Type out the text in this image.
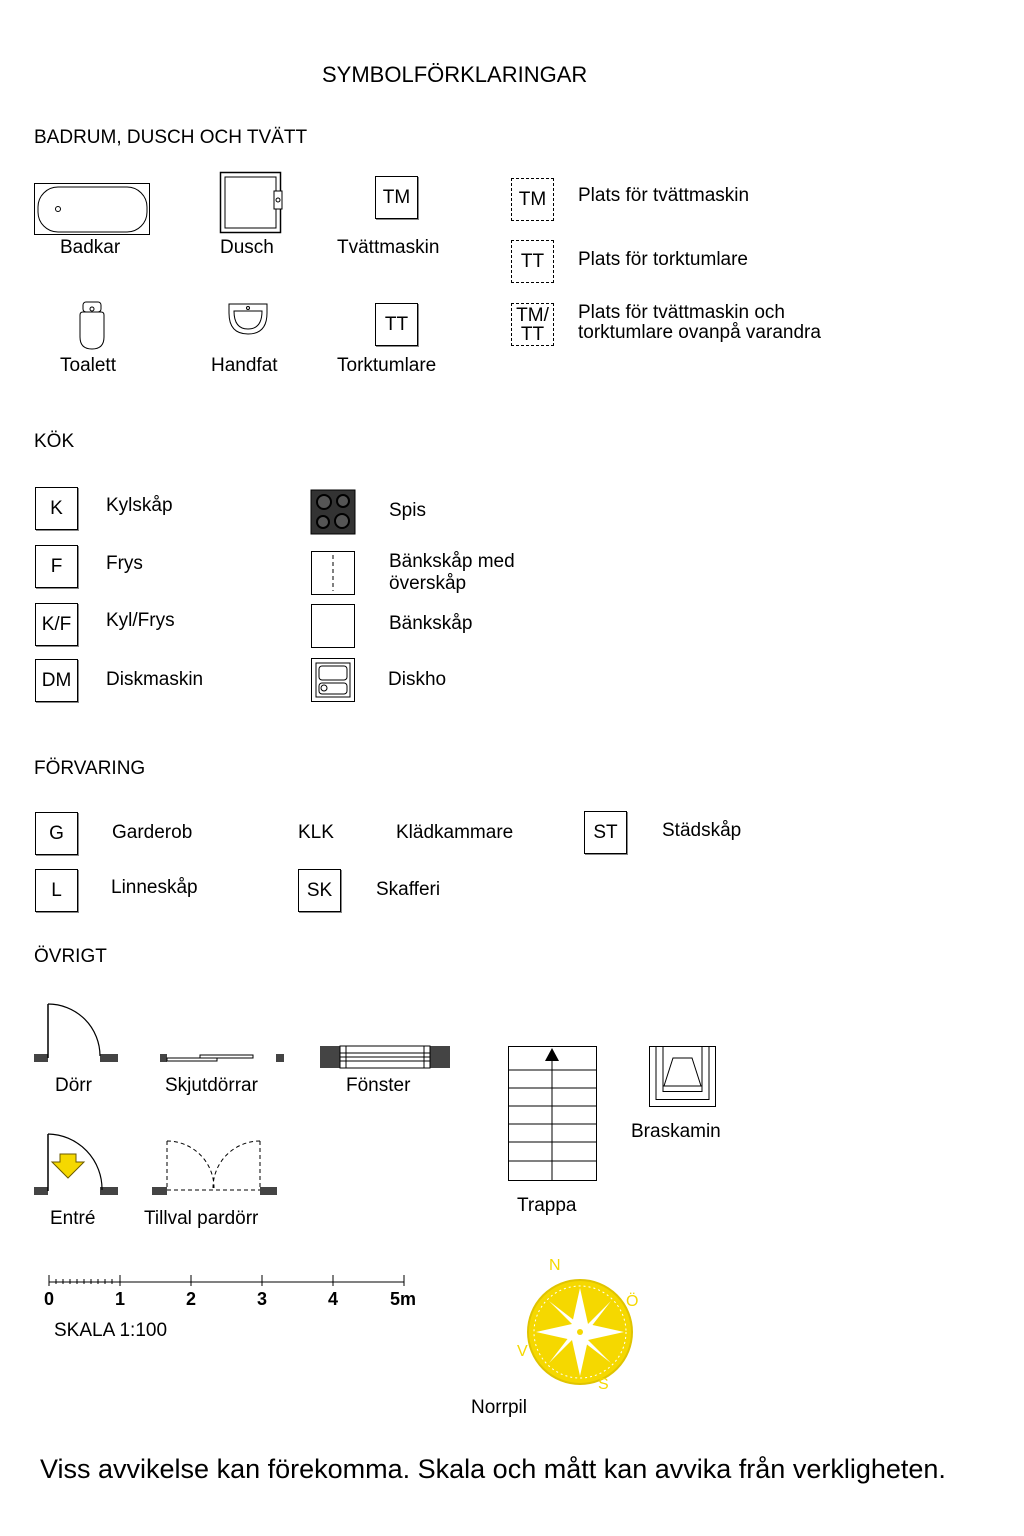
SYMBOLFÖRKLARINGAR
BADRUM, DUSCH OCH TVÄTT
Badkar	Dusch
TM
Tvättmaskin
Toalett	Handfat
TT
Torktumlare
TM	Plats för tvättmaskin
TT	Plats för torktumlare
TM/
TT
Plats för tvättmaskin och
torktumlare ovanpå varandra
KÖK
K	Kylskåp
F	Frys
K/F	Kyl/Frys
DM	Diskmaskin
Spis
Bänkskåp med
överskåp
Bänkskåp
Diskho
FÖRVARING
G	Garderob	KLK	Klädkammare	ST	Städskåp
L	Linneskåp	SK	Skafferi
ÖVRIGT
Dörr	Skjutdörrar	Fönster
Trappa
Braskamin
Entré	Tillval pardörr
0	1	2	3	4	5m
SKALA 1:100
N
Ö
S
V
Norrpil
Viss avvikelse kan förekomma. Skala och mått kan avvika från verkligheten.
